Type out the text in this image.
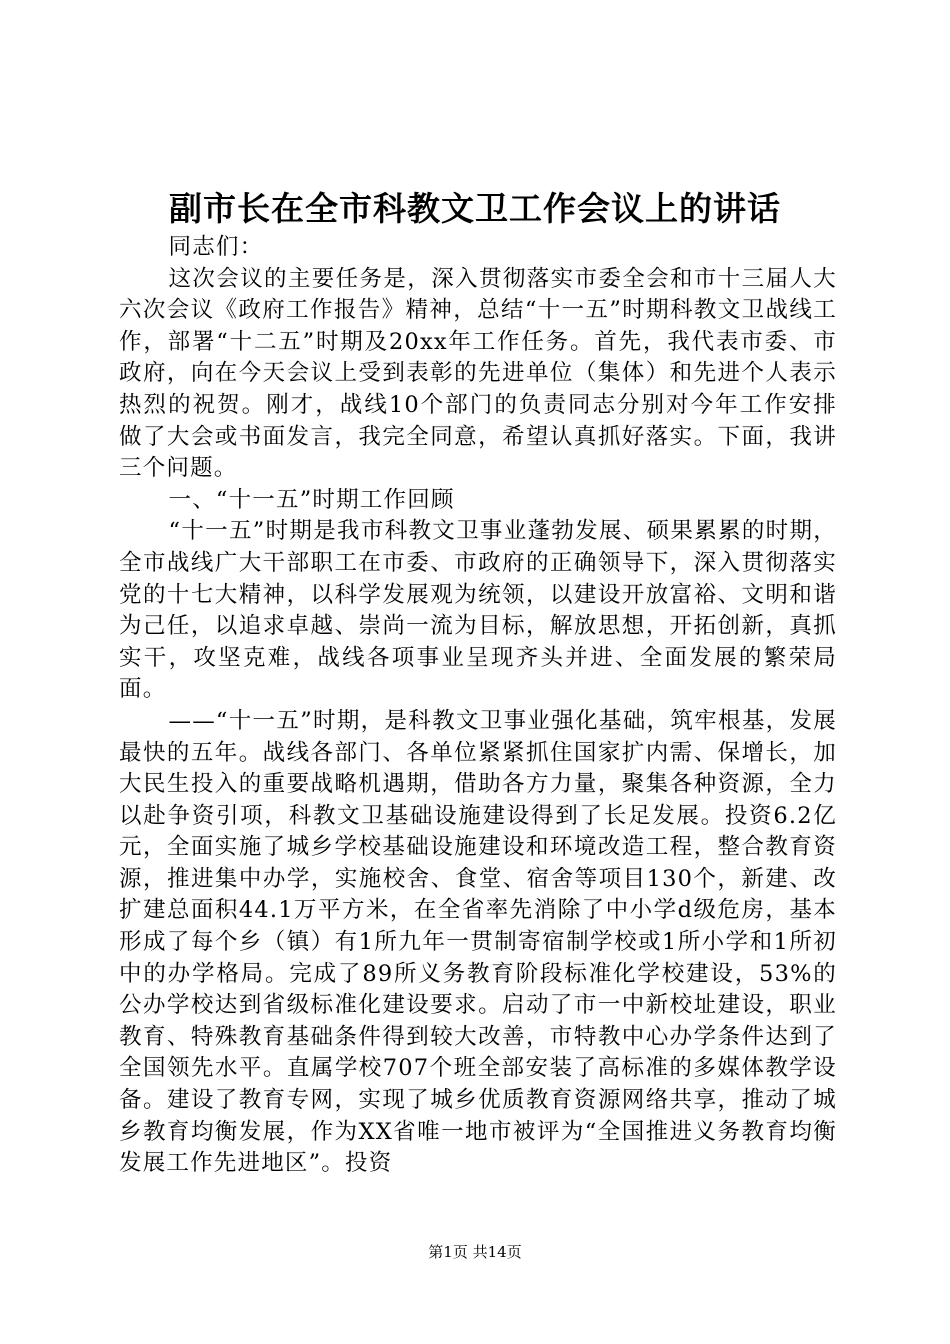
副市长在全市科教文卫工作会议上的讲话

同志们：

这次会议的主要任务是，深入贯彻落实市委全会和市十三届人大六次会议《政府工作报告》精神，总结“十一五”时期科教文卫战线工作，部署“十二五”时期及20xx年工作任务。首先，我代表市委、市政府，向在今天会议上受到表彰的先进单位（集体）和先进个人表示热烈的祝贺。刚才，战线10个部门的负责同志分别对今年工作安排做了大会或书面发言，我完全同意，希望认真抓好落实。下面，我讲三个问题。

一、“十一五”时期工作回顾

“十一五”时期是我市科教文卫事业蓬勃发展、硕果累累的时期，全市战线广大干部职工在市委、市政府的正确领导下，深入贯彻落实党的十七大精神，以科学发展观为统领，以建设开放富裕、文明和谐为己任，以追求卓越、崇尚一流为目标，解放思想，开拓创新，真抓实干，攻坚克难，战线各项事业呈现齐头并进、全面发展的繁荣局面。

——“十一五”时期，是科教文卫事业强化基础，筑牢根基，发展最快的五年。战线各部门、各单位紧紧抓住国家扩内需、保增长，加大民生投入的重要战略机遇期，借助各方力量，聚集各种资源，全力以赴争资引项，科教文卫基础设施建设得到了长足发展。投资6.2亿元，全面实施了城乡学校基础设施建设和环境改造工程，整合教育资源，推进集中办学，实施校舍、食堂、宿舍等项目130个，新建、改扩建总面积44.1万平方米，在全省率先消除了中小学d级危房，基本形成了每个乡（镇）有1所九年一贯制寄宿制学校或1所小学和1所初中的办学格局。完成了89所义务教育阶段标准化学校建设，53%的公办学校达到省级标准化建设要求。启动了市一中新校址建设，职业教育、特殊教育基础条件得到较大改善，市特教中心办学条件达到了全国领先水平。直属学校707个班全部安装了高标准的多媒体教学设备。建设了教育专网，实现了城乡优质教育资源网络共享，推动了城乡教育均衡发展，作为XX省唯一地市被评为“全国推进义务教育均衡发展工作先进地区”。投资

第1页 共14页
